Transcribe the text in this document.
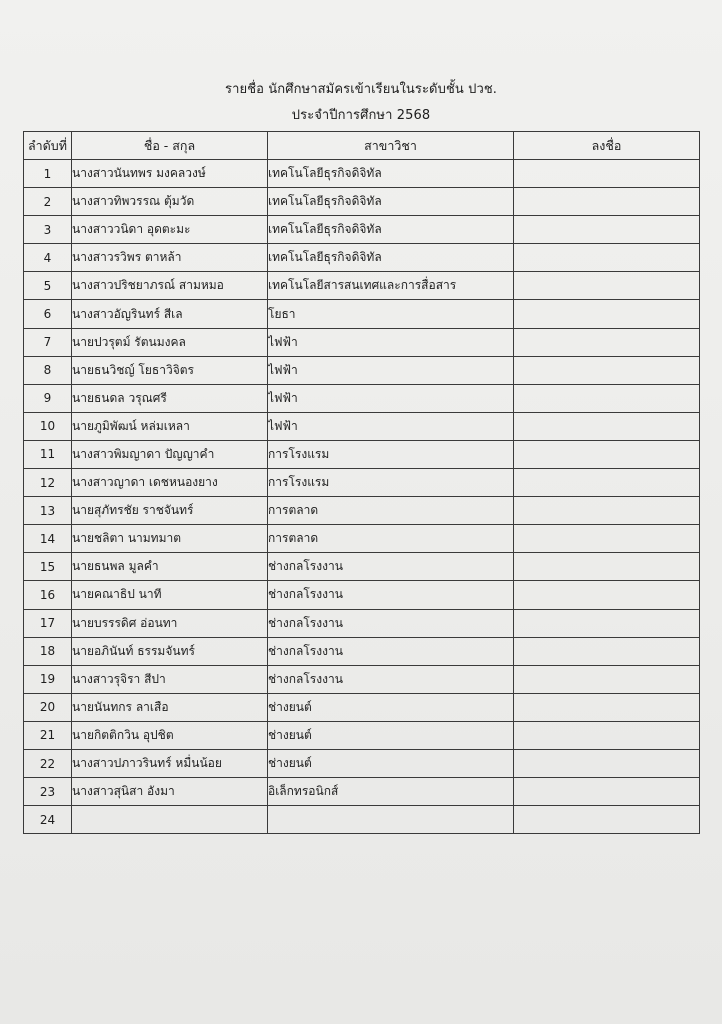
รายชื่อ นักศึกษาสมัครเข้าเรียนในระดับชั้น ปวช.
ประจำปีการศึกษา 2568
ลำดับที่	ชื่อ - สกุล	สาขาวิชา	ลงชื่อ
1	นางสาวนันทพร มงคลวงษ์	เทคโนโลยีธุรกิจดิจิทัล	
2	นางสาวทิพวรรณ ตุ้มวัด	เทคโนโลยีธุรกิจดิจิทัล	
3	นางสาววนิดา อุดตะมะ	เทคโนโลยีธุรกิจดิจิทัล	
4	นางสาวรวิพร ตาหล้า	เทคโนโลยีธุรกิจดิจิทัล	
5	นางสาวปริชยาภรณ์ สามหมอ	เทคโนโลยีสารสนเทศและการสื่อสาร	
6	นางสาวอัญรินทร์ สีเล	โยธา	
7	นายปวรุตม์ รัตนมงคล	ไฟฟ้า	
8	นายธนวิชญ์ โยธาวิจิตร	ไฟฟ้า	
9	นายธนดล วรุณศรี	ไฟฟ้า	
10	นายภูมิพัฒน์ หล่มเหลา	ไฟฟ้า	
11	นางสาวพิมญาดา ปัญญาคำ	การโรงแรม	
12	นางสาวญาดา เดชหนองยาง	การโรงแรม	
13	นายสุภัทรชัย ราชจันทร์	การตลาด	
14	นายชลิตา นามทมาต	การตลาด	
15	นายธนพล มูลคำ	ช่างกลโรงงาน	
16	นายคณาธิป นาที	ช่างกลโรงงาน	
17	นายบรรรดิศ อ่อนทา	ช่างกลโรงงาน	
18	นายอภินันท์ ธรรมจันทร์	ช่างกลโรงงาน	
19	นางสาวรุจิรา สีปา	ช่างกลโรงงาน	
20	นายนันทกร ลาเสือ	ช่างยนต์	
21	นายกิตติกวิน อุปชิต	ช่างยนต์	
22	นางสาวปภาวรินทร์ หมื่นน้อย	ช่างยนต์	
23	นางสาวสุนิสา อังมา	อิเล็กทรอนิกส์	
24			
